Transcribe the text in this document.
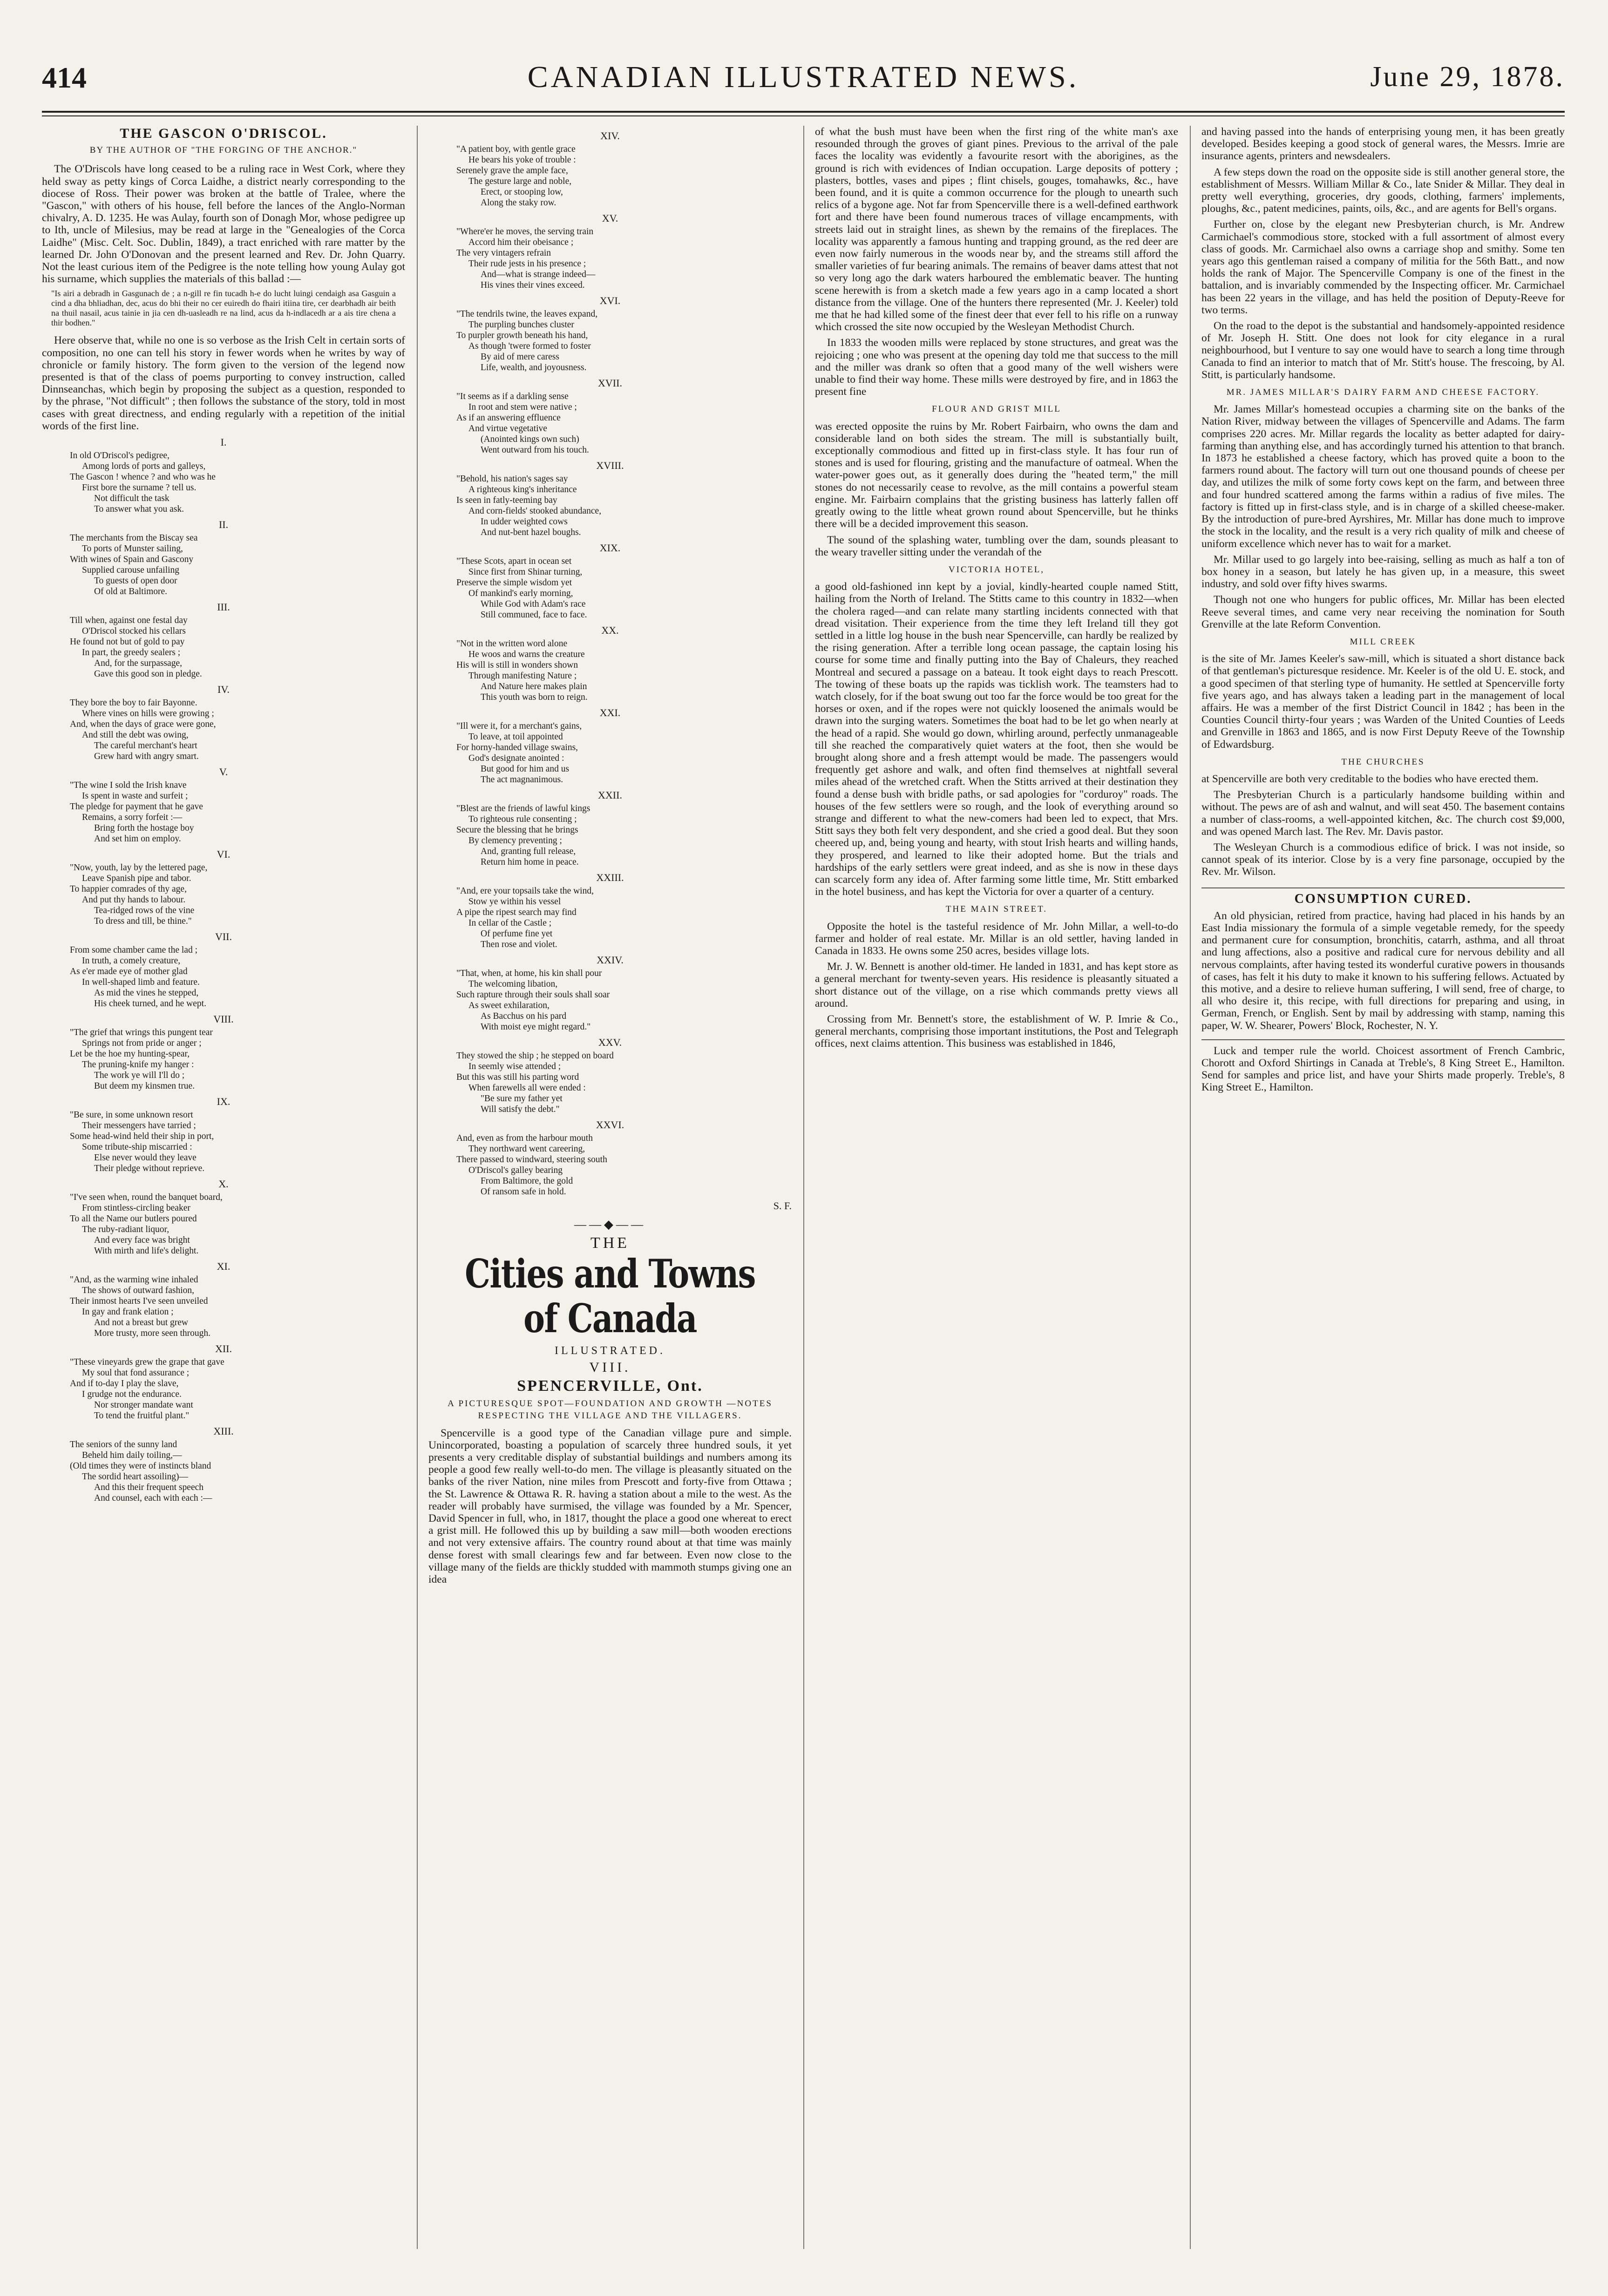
414	CANADIAN ILLUSTRATED NEWS.	June 29, 1878.
THE GASCON O'DRISCOL.
BY THE AUTHOR OF "THE FORGING OF THE ANCHOR."

The O'Driscols have long ceased to be a ruling race in West Cork, where they held sway as petty kings of Corca Laidhe, a district nearly corresponding to the diocese of Ross. Their power was broken at the battle of Tralee, where the "Gascon," with others of his house, fell before the lances of the Anglo-Norman chivalry, A. D. 1235. He was Aulay, fourth son of Donagh Mor, whose pedigree up to Ith, uncle of Milesius, may be read at large in the "Genealogies of the Corca Laidhe" (Misc. Celt. Soc. Dublin, 1849), a tract enriched with rare matter by the learned Dr. John O'Donovan and the present learned and Rev. Dr. John Quarry. Not the least curious item of the Pedigree is the note telling how young Aulay got his surname, which supplies the materials of this ballad :—

"Is airi a debradh in Gasgunach de ; a n-gill re fin tucadh h-e do lucht luingi cendaigh asa Gasguin a cind a dha bhliadhan, dec, acus do bhi their no cer euiredh do fhairi itiina tire, cer dearbhadh air beith na thuil nasail, acus tainie in jia cen dh-uasleadh re na lind, acus da h-indlacedh ar a ais tire chena a thir bodhen."

Here observe that, while no one is so verbose as the Irish Celt in certain sorts of composition, no one can tell his story in fewer words when he writes by way of chronicle or family history. The form given to the version of the legend now presented is that of the class of poems purporting to convey instruction, called Dinnseanchas, which begin by proposing the subject as a question, responded to by the phrase, "Not difficult" ; then follows the substance of the story, told in most cases with great directness, and ending regularly with a repetition of the initial words of the first line.

I.
In old O'Driscol's pedigree,
Among lords of ports and galleys,
The Gascon ! whence ? and who was he
First bore the surname ? tell us.
Not difficult the task
To answer what you ask.
II.
The merchants from the Biscay sea
To ports of Munster sailing,
With wines of Spain and Gascony
Supplied carouse unfailing
To guests of open door
Of old at Baltimore.
III.
Till when, against one festal day
O'Driscol stocked his cellars
He found not but of gold to pay
In part, the greedy sealers ;
And, for the surpassage,
Gave this good son in pledge.
IV.
They bore the boy to fair Bayonne.
Where vines on hills were growing ;
And, when the days of grace were gone,
And still the debt was owing,
The careful merchant's heart
Grew hard with angry smart.
V.
"The wine I sold the Irish knave
Is spent in waste and surfeit ;
The pledge for payment that he gave
Remains, a sorry forfeit :—
Bring forth the hostage boy
And set him on employ.
VI.
"Now, youth, lay by the lettered page,
Leave Spanish pipe and tabor.
To happier comrades of thy age,
And put thy hands to labour.
Tea-ridged rows of the vine
To dress and till, be thine."
VII.
From some chamber came the lad ;
In truth, a comely creature,
As e'er made eye of mother glad
In well-shaped limb and feature.
As mid the vines he stepped,
His cheek turned, and he wept.
VIII.
"The grief that wrings this pungent tear
Springs not from pride or anger ;
Let be the hoe my hunting-spear,
The pruning-knife my hanger :
The work ye will I'll do ;
But deem my kinsmen true.
IX.
"Be sure, in some unknown resort
Their messengers have tarried ;
Some head-wind held their ship in port,
Some tribute-ship miscarried :
Else never would they leave
Their pledge without reprieve.
X.
"I've seen when, round the banquet board,
From stintless-circling beaker
To all the Name our butlers poured
The ruby-radiant liquor,
And every face was bright
With mirth and life's delight.
XI.
"And, as the warming wine inhaled
The shows of outward fashion,
Their inmost hearts I've seen unveiled
In gay and frank elation ;
And not a breast but grew
More trusty, more seen through.
XII.
"These vineyards grew the grape that gave
My soul that fond assurance ;
And if to-day I play the slave,
I grudge not the endurance.
Nor stronger mandate want
To tend the fruitful plant."
XIII.
The seniors of the sunny land
Beheld him daily toiling,—
(Old times they were of instincts bland
The sordid heart assoiling)—
And this their frequent speech
And counsel, each with each :—
XIV.
"A patient boy, with gentle grace
He bears his yoke of trouble :
Serenely grave the ample face,
The gesture large and noble,
Erect, or stooping low,
Along the staky row.
XV.
"Where'er he moves, the serving train
Accord him their obeisance ;
The very vintagers refrain
Their rude jests in his presence ;
And—what is strange indeed—
His vines their vines exceed.
XVI.
"The tendrils twine, the leaves expand,
The purpling bunches cluster
To purpler growth beneath his hand,
As though 'twere formed to foster
By aid of mere caress
Life, wealth, and joyousness.
XVII.
"It seems as if a darkling sense
In root and stem were native ;
As if an answering effluence
And virtue vegetative
(Anointed kings own such)
Went outward from his touch.
XVIII.
"Behold, his nation's sages say
A righteous king's inheritance
Is seen in fatly-teeming bay
And corn-fields' stooked abundance,
In udder weighted cows
And nut-bent hazel boughs.
XIX.
"These Scots, apart in ocean set
Since first from Shinar turning,
Preserve the simple wisdom yet
Of mankind's early morning,
While God with Adam's race
Still communed, face to face.
XX.
"Not in the written word alone
He woos and warns the creature
His will is still in wonders shown
Through manifesting Nature ;
And Nature here makes plain
This youth was born to reign.
XXI.
"Ill were it, for a merchant's gains,
To leave, at toil appointed
For horny-handed village swains,
God's designate anointed :
But good for him and us
The act magnanimous.
XXII.
"Blest are the friends of lawful kings
To righteous rule consenting ;
Secure the blessing that he brings
By clemency preventing ;
And, granting full release,
Return him home in peace.
XXIII.
"And, ere your topsails take the wind,
Stow ye within his vessel
A pipe the ripest search may find
In cellar of the Castle ;
Of perfume fine yet
Then rose and violet.
XXIV.
"That, when, at home, his kin shall pour
The welcoming libation,
Such rapture through their souls shall soar
As sweet exhilaration,
As Bacchus on his pard
With moist eye might regard."
XXV.
They stowed the ship ; he stepped on board
In seemly wise attended ;
But this was still his parting word
When farewells all were ended :
"Be sure my father yet
Will satisfy the debt."
XXVI.
And, even as from the harbour mouth
They northward went careering,
There passed to windward, steering south
O'Driscol's galley bearing
From Baltimore, the gold
Of ransom safe in hold.
S. F.
——◆——
THE
Cities and Towns of Canada
ILLUSTRATED.
VIII.
SPENCERVILLE, Ont.
A PICTURESQUE SPOT—FOUNDATION AND GROWTH —NOTES RESPECTING THE VILLAGE AND THE VILLAGERS.

Spencerville is a good type of the Canadian village pure and simple. Unincorporated, boasting a population of scarcely three hundred souls, it yet presents a very creditable display of substantial buildings and numbers among its people a good few really well-to-do men. The village is pleasantly situated on the banks of the river Nation, nine miles from Prescott and forty-five from Ottawa ; the St. Lawrence & Ottawa R. R. having a station about a mile to the west. As the reader will probably have surmised, the village was founded by a Mr. Spencer, David Spencer in full, who, in 1817, thought the place a good one whereat to erect a grist mill. He followed this up by building a saw mill—both wooden erections and not very extensive affairs. The country round about at that time was mainly dense forest with small clearings few and far between. Even now close to the village many of the fields are thickly studded with mammoth stumps giving one an idea

of what the bush must have been when the first ring of the white man's axe resounded through the groves of giant pines. Previous to the arrival of the pale faces the locality was evidently a favourite resort with the aborigines, as the ground is rich with evidences of Indian occupation. Large deposits of pottery ; plasters, bottles, vases and pipes ; flint chisels, gouges, tomahawks, &c., have been found, and it is quite a common occurrence for the plough to unearth such relics of a bygone age. Not far from Spencerville there is a well-defined earthwork fort and there have been found numerous traces of village encampments, with streets laid out in straight lines, as shewn by the remains of the fireplaces. The locality was apparently a famous hunting and trapping ground, as the red deer are even now fairly numerous in the woods near by, and the streams still afford the smaller varieties of fur bearing animals. The remains of beaver dams attest that not so very long ago the dark waters harboured the emblematic beaver. The hunting scene herewith is from a sketch made a few years ago in a camp located a short distance from the village. One of the hunters there represented (Mr. J. Keeler) told me that he had killed some of the finest deer that ever fell to his rifle on a runway which crossed the site now occupied by the Wesleyan Methodist Church.

In 1833 the wooden mills were replaced by stone structures, and great was the rejoicing ; one who was present at the opening day told me that success to the mill and the miller was drank so often that a good many of the well wishers were unable to find their way home. These mills were destroyed by fire, and in 1863 the present fine

FLOUR AND GRIST MILL

was erected opposite the ruins by Mr. Robert Fairbairn, who owns the dam and considerable land on both sides the stream. The mill is substantially built, exceptionally commodious and fitted up in first-class style. It has four run of stones and is used for flouring, gristing and the manufacture of oatmeal. When the water-power goes out, as it generally does during the "heated term," the mill stones do not necessarily cease to revolve, as the mill contains a powerful steam engine. Mr. Fairbairn complains that the gristing business has latterly fallen off greatly owing to the little wheat grown round about Spencerville, but he thinks there will be a decided improvement this season.

The sound of the splashing water, tumbling over the dam, sounds pleasant to the weary traveller sitting under the verandah of the

VICTORIA HOTEL,

a good old-fashioned inn kept by a jovial, kindly-hearted couple named Stitt, hailing from the North of Ireland. The Stitts came to this country in 1832—when the cholera raged—and can relate many startling incidents connected with that dread visitation. Their experience from the time they left Ireland till they got settled in a little log house in the bush near Spencerville, can hardly be realized by the rising generation. After a terrible long ocean passage, the captain losing his course for some time and finally putting into the Bay of Chaleurs, they reached Montreal and secured a passage on a bateau. It took eight days to reach Prescott. The towing of these boats up the rapids was ticklish work. The teamsters had to watch closely, for if the boat swung out too far the force would be too great for the horses or oxen, and if the ropes were not quickly loosened the animals would be drawn into the surging waters. Sometimes the boat had to be let go when nearly at the head of a rapid. She would go down, whirling around, perfectly unmanageable till she reached the comparatively quiet waters at the foot, then she would be brought along shore and a fresh attempt would be made. The passengers would frequently get ashore and walk, and often find themselves at nightfall several miles ahead of the wretched craft. When the Stitts arrived at their destination they found a dense bush with bridle paths, or sad apologies for "corduroy" roads. The houses of the few settlers were so rough, and the look of everything around so strange and different to what the new-comers had been led to expect, that Mrs. Stitt says they both felt very despondent, and she cried a good deal. But they soon cheered up, and, being young and hearty, with stout Irish hearts and willing hands, they prospered, and learned to like their adopted home. But the trials and hardships of the early settlers were great indeed, and as she is now in these days can scarcely form any idea of. After farming some little time, Mr. Stitt embarked in the hotel business, and has kept the Victoria for over a quarter of a century.

THE MAIN STREET.

Opposite the hotel is the tasteful residence of Mr. John Millar, a well-to-do farmer and holder of real estate. Mr. Millar is an old settler, having landed in Canada in 1833. He owns some 250 acres, besides village lots.

Mr. J. W. Bennett is another old-timer. He landed in 1831, and has kept store as a general merchant for twenty-seven years. His residence is pleasantly situated a short distance out of the village, on a rise which commands pretty views all around.

Crossing from Mr. Bennett's store, the establishment of W. P. Imrie & Co., general merchants, comprising those important institutions, the Post and Telegraph offices, next claims attention. This business was established in 1846,

and having passed into the hands of enterprising young men, it has been greatly developed. Besides keeping a good stock of general wares, the Messrs. Imrie are insurance agents, printers and newsdealers.

A few steps down the road on the opposite side is still another general store, the establishment of Messrs. William Millar & Co., late Snider & Millar. They deal in pretty well everything, groceries, dry goods, clothing, farmers' implements, ploughs, &c., patent medicines, paints, oils, &c., and are agents for Bell's organs.

Further on, close by the elegant new Presbyterian church, is Mr. Andrew Carmichael's commodious store, stocked with a full assortment of almost every class of goods. Mr. Carmichael also owns a carriage shop and smithy. Some ten years ago this gentleman raised a company of militia for the 56th Batt., and now holds the rank of Major. The Spencerville Company is one of the finest in the battalion, and is invariably commended by the Inspecting officer. Mr. Carmichael has been 22 years in the village, and has held the position of Deputy-Reeve for two terms.

On the road to the depot is the substantial and handsomely-appointed residence of Mr. Joseph H. Stitt. One does not look for city elegance in a rural neighbourhood, but I venture to say one would have to search a long time through Canada to find an interior to match that of Mr. Stitt's house. The frescoing, by Al. Stitt, is particularly handsome.

MR. JAMES MILLAR'S DAIRY FARM AND CHEESE FACTORY.

Mr. James Millar's homestead occupies a charming site on the banks of the Nation River, midway between the villages of Spencerville and Adams. The farm comprises 220 acres. Mr. Millar regards the locality as better adapted for dairy-farming than anything else, and has accordingly turned his attention to that branch. In 1873 he established a cheese factory, which has proved quite a boon to the farmers round about. The factory will turn out one thousand pounds of cheese per day, and utilizes the milk of some forty cows kept on the farm, and between three and four hundred scattered among the farms within a radius of five miles. The factory is fitted up in first-class style, and is in charge of a skilled cheese-maker. By the introduction of pure-bred Ayrshires, Mr. Millar has done much to improve the stock in the locality, and the result is a very rich quality of milk and cheese of uniform excellence which never has to wait for a market.

Mr. Millar used to go largely into bee-raising, selling as much as half a ton of box honey in a season, but lately he has given up, in a measure, this sweet industry, and sold over fifty hives swarms.

Though not one who hungers for public offices, Mr. Millar has been elected Reeve several times, and came very near receiving the nomination for South Grenville at the late Reform Convention.

MILL CREEK

is the site of Mr. James Keeler's saw-mill, which is situated a short distance back of that gentleman's picturesque residence. Mr. Keeler is of the old U. E. stock, and a good specimen of that sterling type of humanity. He settled at Spencerville forty five years ago, and has always taken a leading part in the management of local affairs. He was a member of the first District Council in 1842 ; has been in the Counties Council thirty-four years ; was Warden of the United Counties of Leeds and Grenville in 1863 and 1865, and is now First Deputy Reeve of the Township of Edwardsburg.

THE CHURCHES

at Spencerville are both very creditable to the bodies who have erected them.

The Presbyterian Church is a particularly handsome building within and without. The pews are of ash and walnut, and will seat 450. The basement contains a number of class-rooms, a well-appointed kitchen, &c. The church cost $9,000, and was opened March last. The Rev. Mr. Davis pastor.

The Wesleyan Church is a commodious edifice of brick. I was not inside, so cannot speak of its interior. Close by is a very fine parsonage, occupied by the Rev. Mr. Wilson.

CONSUMPTION CURED.

An old physician, retired from practice, having had placed in his hands by an East India missionary the formula of a simple vegetable remedy, for the speedy and permanent cure for consumption, bronchitis, catarrh, asthma, and all throat and lung affections, also a positive and radical cure for nervous debility and all nervous complaints, after having tested its wonderful curative powers in thousands of cases, has felt it his duty to make it known to his suffering fellows. Actuated by this motive, and a desire to relieve human suffering, I will send, free of charge, to all who desire it, this recipe, with full directions for preparing and using, in German, French, or English. Sent by mail by addressing with stamp, naming this paper, W. W. Shearer, Powers' Block, Rochester, N. Y.

Luck and temper rule the world. Choicest assortment of French Cambric, Chorott and Oxford Shirtings in Canada at Treble's, 8 King Street E., Hamilton. Send for samples and price list, and have your Shirts made properly. Treble's, 8 King Street E., Hamilton.
